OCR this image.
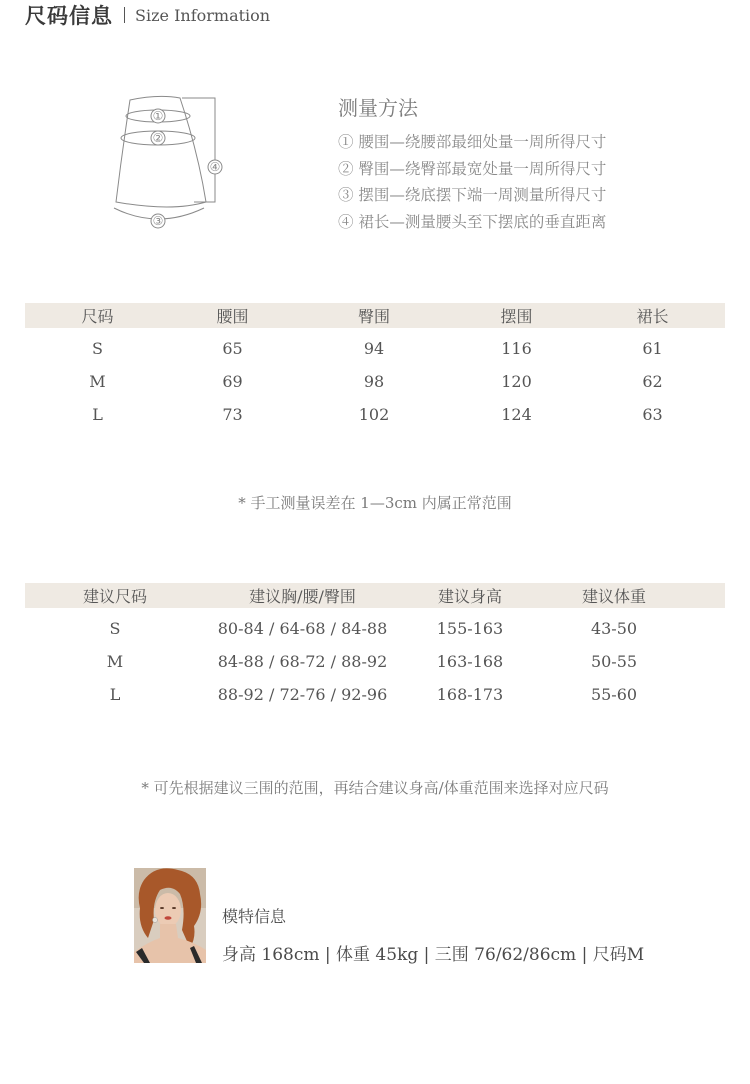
尺码信息 Size Information
①
②
③
④
测量方法
① 腰围—绕腰部最细处量一周所得尺寸
② 臀围—绕臀部最宽处量一周所得尺寸
③ 摆围—绕底摆下端一周测量所得尺寸
④ 裙长—测量腰头至下摆底的垂直距离
尺码	腰围	臀围	摆围	裙长
S	65	94	116	61
M	69	98	120	62
L	73	102	124	63
* 手工测量误差在 1—3cm 内属正常范围
建议尺码	建议胸/腰/臀围	建议身高	建议体重	
S	80-84 / 64-68 / 84-88	155-163	43-50	
M	84-88 / 68-72 / 88-92	163-168	50-55	
L	88-92 / 72-76 / 92-96	168-173	55-60	
* 可先根据建议三围的范围，再结合建议身高/体重范围来选择对应尺码
模特信息
身高 168cm | 体重 45kg | 三围 76/62/86cm | 尺码M
